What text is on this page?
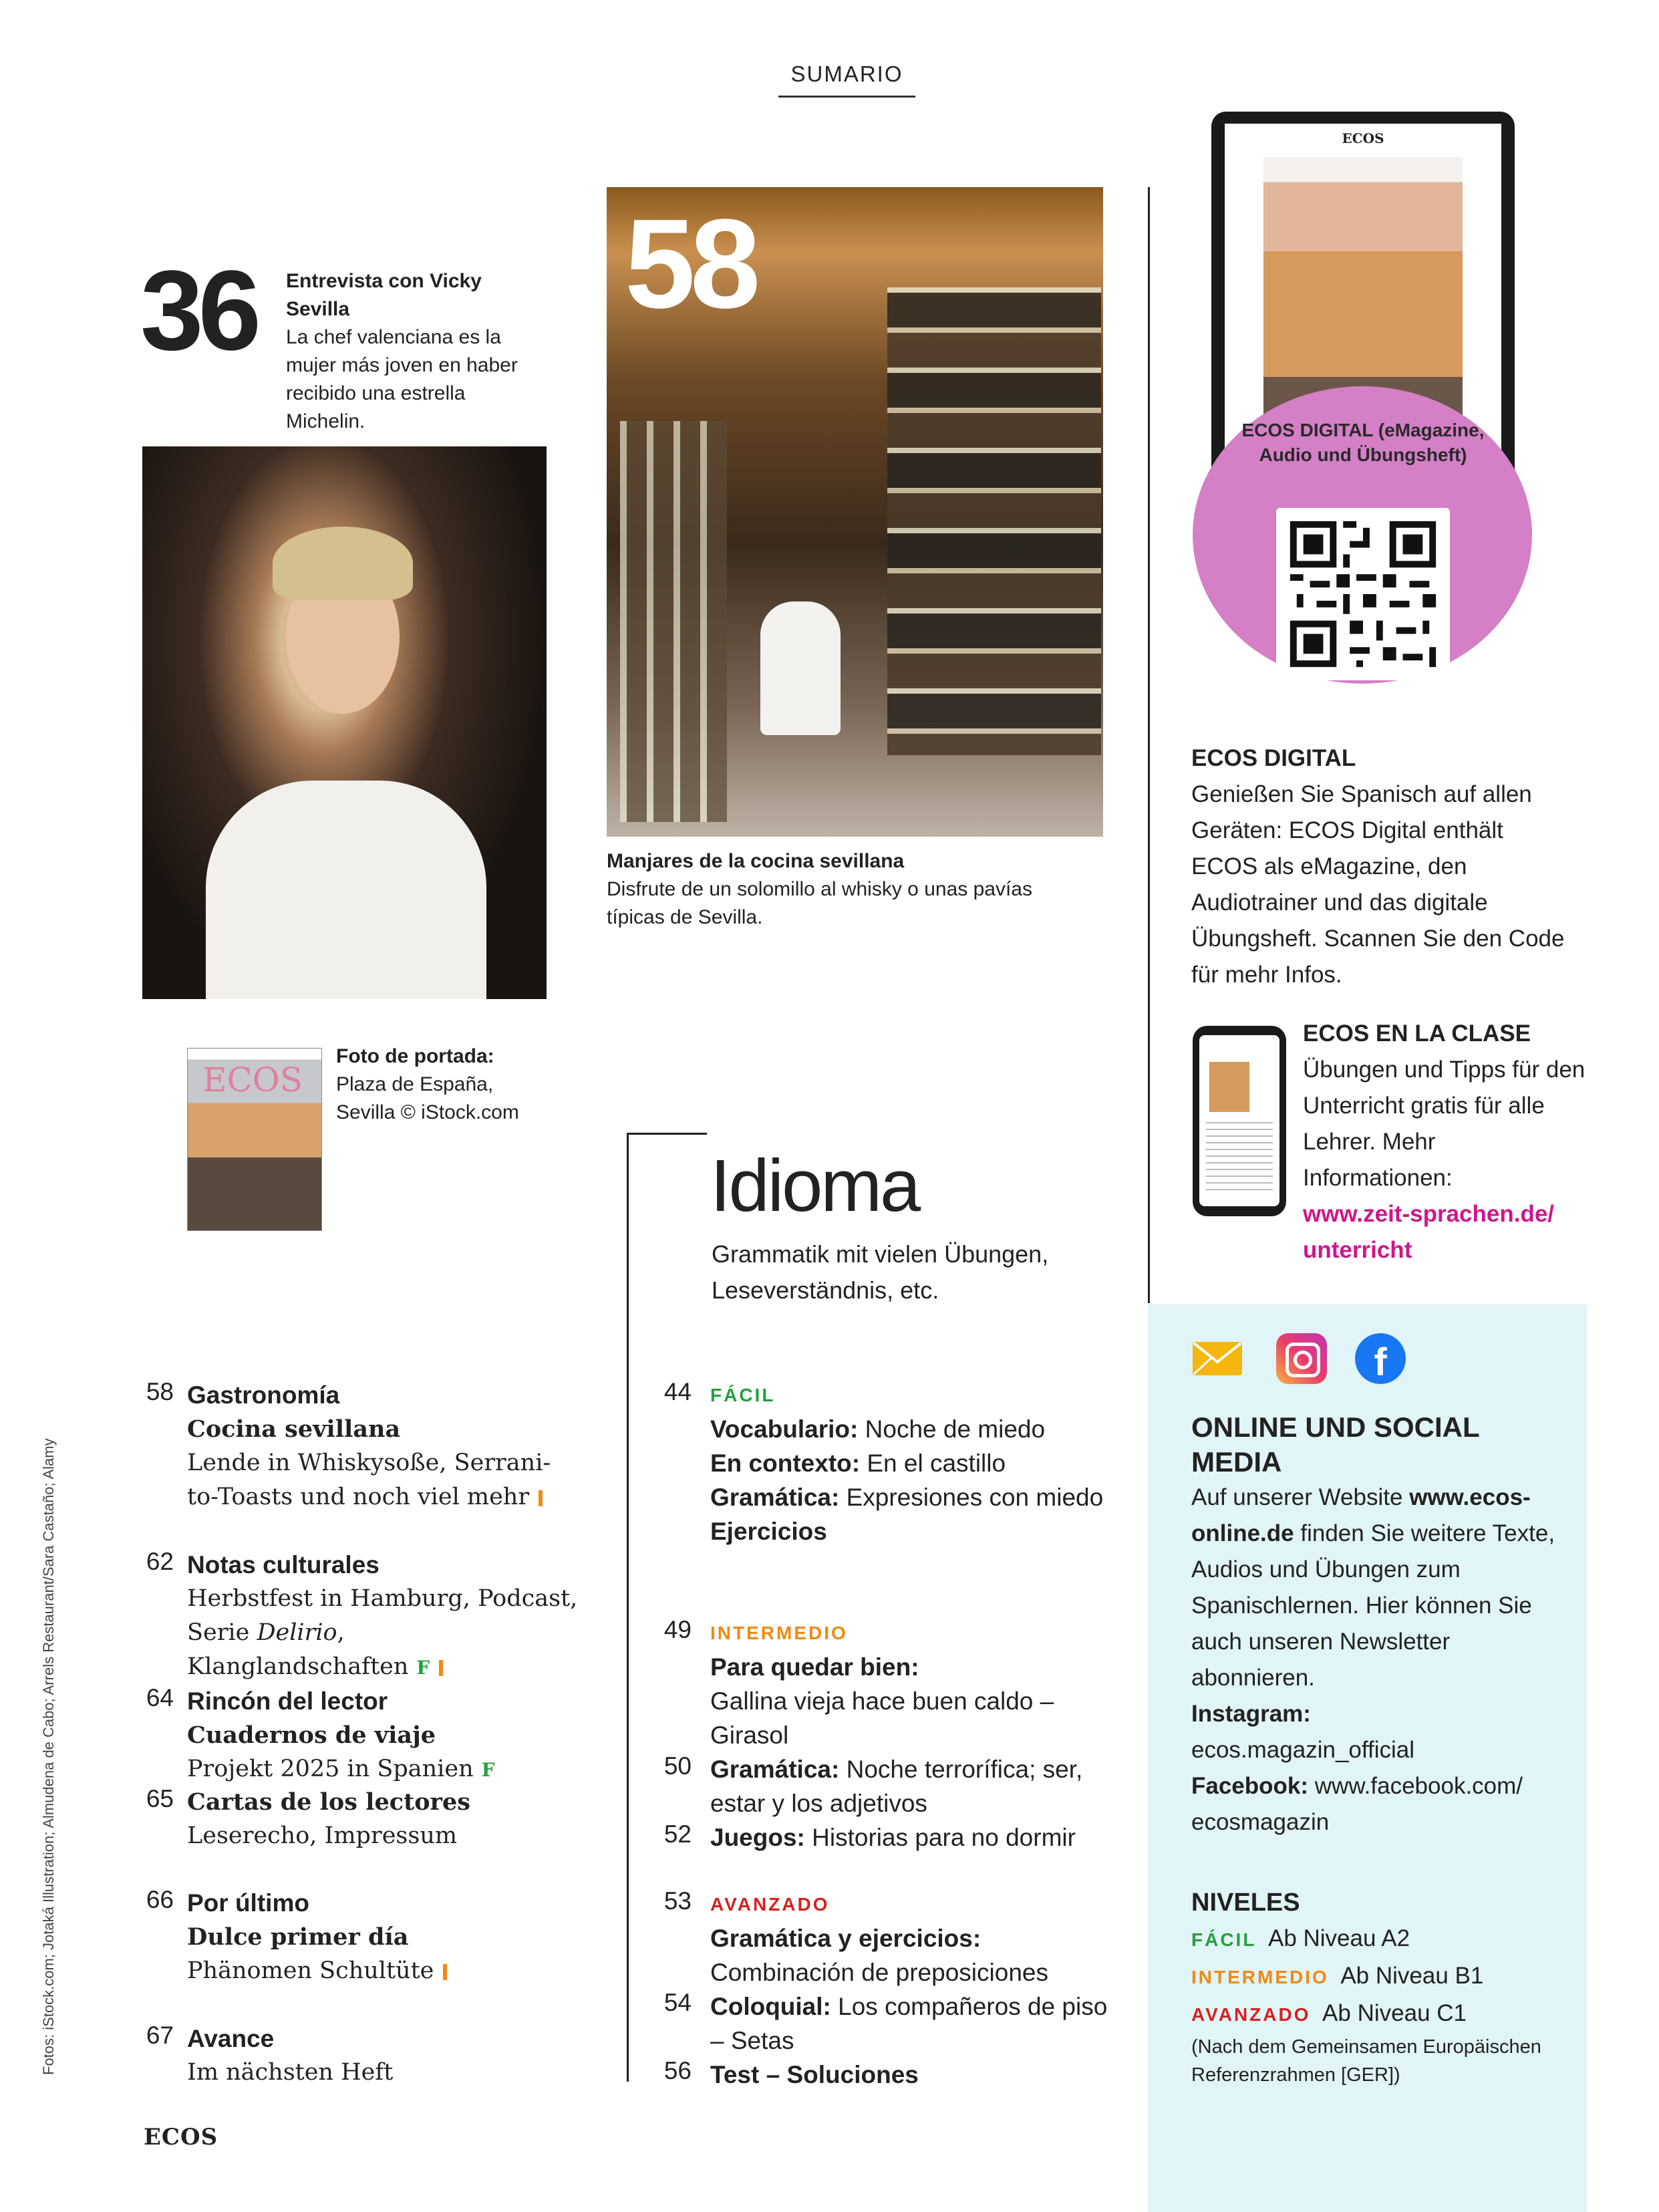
SUMARIO
36 Entrevista con Vicky Sevilla
La chef valenciana es la mujer más joven en haber recibido una estrella Michelin.
58
Manjares de la cocina sevillana
Disfrute de un solomillo al whisky o unas pavías típicas de Sevilla.
ECOS
Foto de portada:
Plaza de España, Sevilla © iStock.com
ECOS
ECOS DIGITAL (eMagazine, Audio und Übungsheft)
ECOS DIGITAL
Genießen Sie Spanisch auf allen Geräten: ECOS Digital enthält ECOS als eMagazine, den Audiotrainer und das digitale Übungsheft. Scannen Sie den Code für mehr Infos.
ECOS EN LA CLASE
Übungen und Tipps für den Unterricht gratis für alle Lehrer. Mehr Informationen:
www.zeit-sprachen.de/ unterricht
f
ONLINE UND SOCIAL MEDIA
Auf unserer Website www.ecos-online.de finden Sie weitere Texte, Audios und Übungen zum Spanischlernen. Hier können Sie auch unseren Newsletter abonnieren.
Instagram:
ecos.magazin_official
Facebook: www.facebook.com/ ecosmagazin
NIVELES
FÁCIL Ab Niveau A2
INTERMEDIO Ab Niveau B1
AVANZADO Ab Niveau C1
(Nach dem Gemeinsamen Europäischen Referenzrahmen [GER])
Idioma
Grammatik mit vielen Übungen, Leseverständnis, etc.
58 Gastronomía
Cocina sevillana
Lende in Whiskysoße, Serranito-Toasts und noch viel mehr
62 Notas culturales
Herbstfest in Hamburg, Podcast,
Serie Delirio, Klanglandschaften F
64 Rincón del lector
Cuadernos de viaje
Projekt 2025 in Spanien F
65 Cartas de los lectores
Leserecho, Impressum
66 Por último
Dulce primer día
Phänomen Schultüte
67 Avance
Im nächsten Heft
44 FÁCIL
Vocabulario: Noche de miedo
En contexto: En el castillo
Gramática: Expresiones con miedo
Ejercicios
49 INTERMEDIO
Para quedar bien:
Gallina vieja hace buen caldo – Girasol
Gramática: Noche terrorífica; ser, estar y los adjetivos
Juegos: Historias para no dormir
50
52
53 AVANZADO
Gramática y ejercicios:
Combinación de preposiciones
Coloquial: Los compañeros de piso – Setas
Test – Soluciones
54
56
Fotos: iStock.com; Jotaká Illustration; Almudena de Cabo; Arrels Restaurant/Sara Castaño; Alamy
ECOS
